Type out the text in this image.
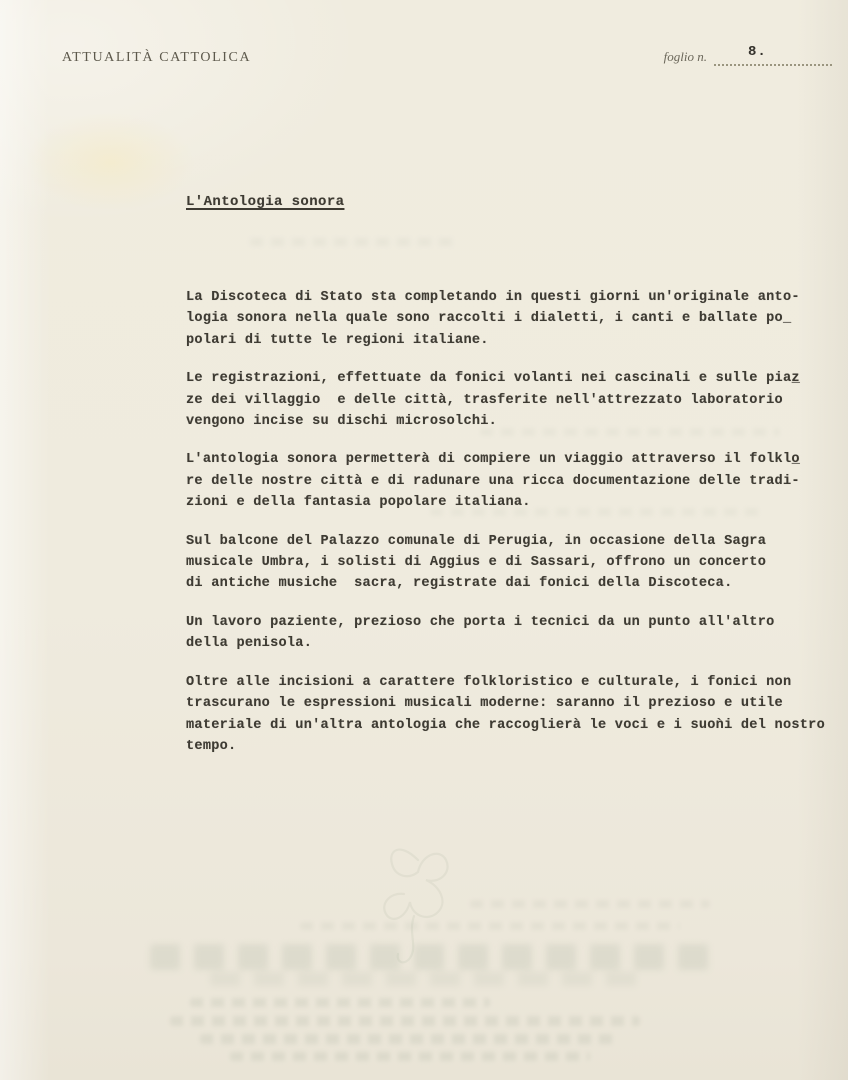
ATTUALITÀ CATTOLICA	foglio n.	8.
L'Antologia sonora
La Discoteca di Stato sta completando in questi giorni un'originale anto-
logia sonora nella quale sono raccolti i dialetti, i canti e ballate po_
polari di tutte le regioni italiane.
Le registrazioni, effettuate da fonici volanti nei cascinali e sulle piaz̲
ze dei villaggio  e delle città, trasferite nell'attrezzato laboratorio
vengono incise su dischi microsolchi.
L'antologia sonora permetterà di compiere un viaggio attraverso il folklo̲
re delle nostre città e di radunare una ricca documentazione delle tradi-
zioni e della fantasia popolare italiana.
Sul balcone del Palazzo comunale di Perugia, in occasione della Sagra
musicale Umbra, i solisti di Aggius e di Sassari, offrono un concerto
di antiche musiche  sacra, registrate dai fonici della Discoteca.
Un lavoro paziente, prezioso che porta i tecnici da un punto all'altro
della penisola.
Oltre alle incisioni a carattere folkloristico e culturale, i fonici non
trascurano le espressioni musicali moderne: saranno il prezioso e utile
materiale di un'altra antologia che raccoglierà le voci e i suoǹi del nostro
tempo.
